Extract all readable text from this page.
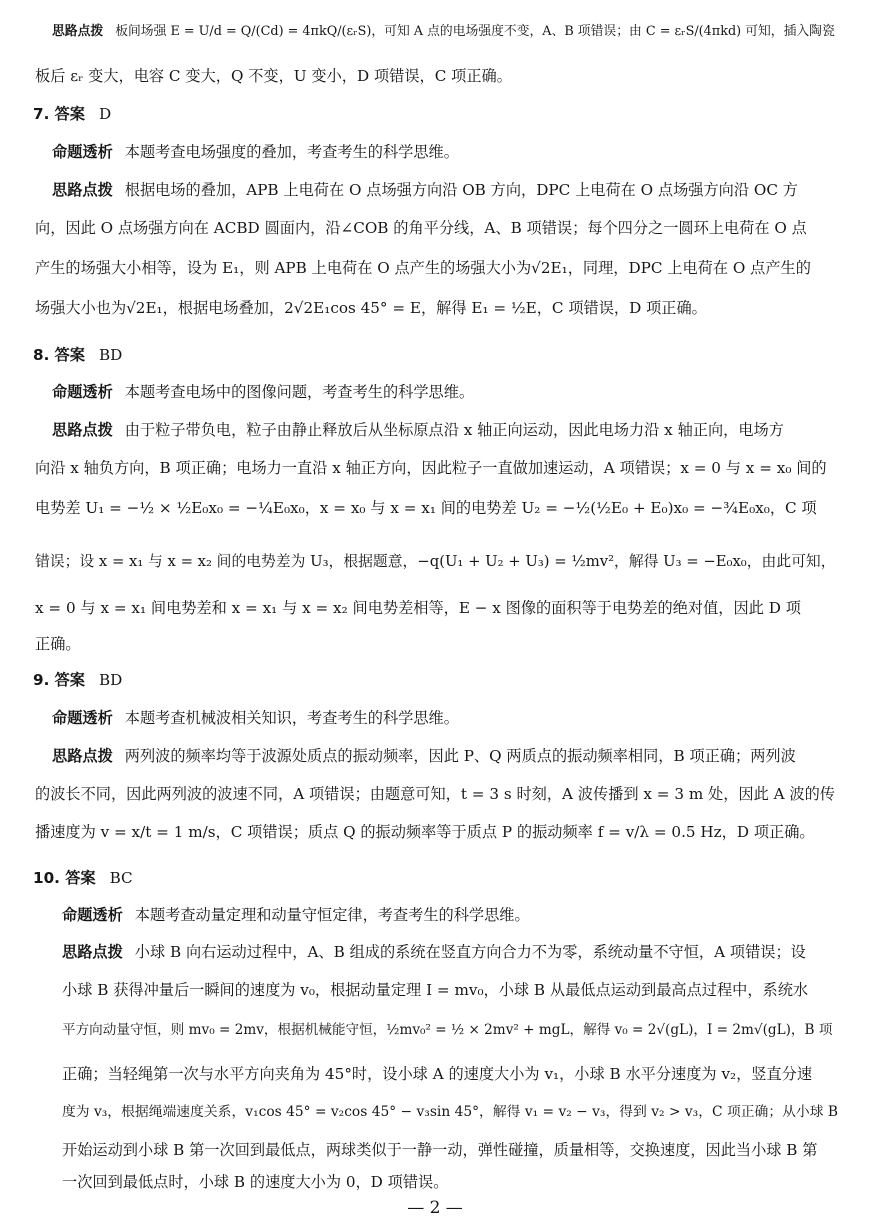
思路点拨 板间场强 E = U/d = Q/(Cd) = 4πkQ/(εᵣS)，可知 A 点的电场强度不变，A、B 项错误；由 C = εᵣS/(4πkd) 可知，插入陶瓷
板后 εᵣ 变大，电容 C 变大，Q 不变，U 变小，D 项错误，C 项正确。
7. 答案 D
命题透析 本题考查电场强度的叠加，考查考生的科学思维。
思路点拨 根据电场的叠加，APB 上电荷在 O 点场强方向沿 OB 方向，DPC 上电荷在 O 点场强方向沿 OC 方
向，因此 O 点场强方向在 ACBD 圆面内，沿∠COB 的角平分线，A、B 项错误；每个四分之一圆环上电荷在 O 点
产生的场强大小相等，设为 E₁，则 APB 上电荷在 O 点产生的场强大小为√2E₁，同理，DPC 上电荷在 O 点产生的
场强大小也为√2E₁，根据电场叠加，2√2E₁cos 45° = E，解得 E₁ = ½E，C 项错误，D 项正确。
8. 答案 BD
命题透析 本题考查电场中的图像问题，考查考生的科学思维。
思路点拨 由于粒子带负电，粒子由静止释放后从坐标原点沿 x 轴正向运动，因此电场力沿 x 轴正向，电场方
向沿 x 轴负方向，B 项正确；电场力一直沿 x 轴正方向，因此粒子一直做加速运动，A 项错误；x = 0 与 x = x₀ 间的
电势差 U₁ = −½ × ½E₀x₀ = −¼E₀x₀，x = x₀ 与 x = x₁ 间的电势差 U₂ = −½(½E₀ + E₀)x₀ = −¾E₀x₀，C 项
错误；设 x = x₁ 与 x = x₂ 间的电势差为 U₃，根据题意，−q(U₁ + U₂ + U₃) = ½mv²，解得 U₃ = −E₀x₀，由此可知，
x = 0 与 x = x₁ 间电势差和 x = x₁ 与 x = x₂ 间电势差相等，E − x 图像的面积等于电势差的绝对值，因此 D 项
正确。
9. 答案 BD
命题透析 本题考查机械波相关知识，考查考生的科学思维。
思路点拨 两列波的频率均等于波源处质点的振动频率，因此 P、Q 两质点的振动频率相同，B 项正确；两列波
的波长不同，因此两列波的波速不同，A 项错误；由题意可知，t = 3 s 时刻，A 波传播到 x = 3 m 处，因此 A 波的传
播速度为 v = x/t = 1 m/s，C 项错误；质点 Q 的振动频率等于质点 P 的振动频率 f = v/λ = 0.5 Hz，D 项正确。
10. 答案 BC
命题透析 本题考查动量定理和动量守恒定律，考查考生的科学思维。
思路点拨 小球 B 向右运动过程中，A、B 组成的系统在竖直方向合力不为零，系统动量不守恒，A 项错误；设
小球 B 获得冲量后一瞬间的速度为 v₀，根据动量定理 I = mv₀，小球 B 从最低点运动到最高点过程中，系统水
平方向动量守恒，则 mv₀ = 2mv，根据机械能守恒，½mv₀² = ½ × 2mv² + mgL，解得 v₀ = 2√(gL)，I = 2m√(gL)，B 项
正确；当轻绳第一次与水平方向夹角为 45°时，设小球 A 的速度大小为 v₁，小球 B 水平分速度为 v₂，竖直分速
度为 v₃，根据绳端速度关系，v₁cos 45° = v₂cos 45° − v₃sin 45°，解得 v₁ = v₂ − v₃，得到 v₂ > v₃，C 项正确；从小球 B
开始运动到小球 B 第一次回到最低点，两球类似于一静一动，弹性碰撞，质量相等，交换速度，因此当小球 B 第
一次回到最低点时，小球 B 的速度大小为 0，D 项错误。
— 2 —
